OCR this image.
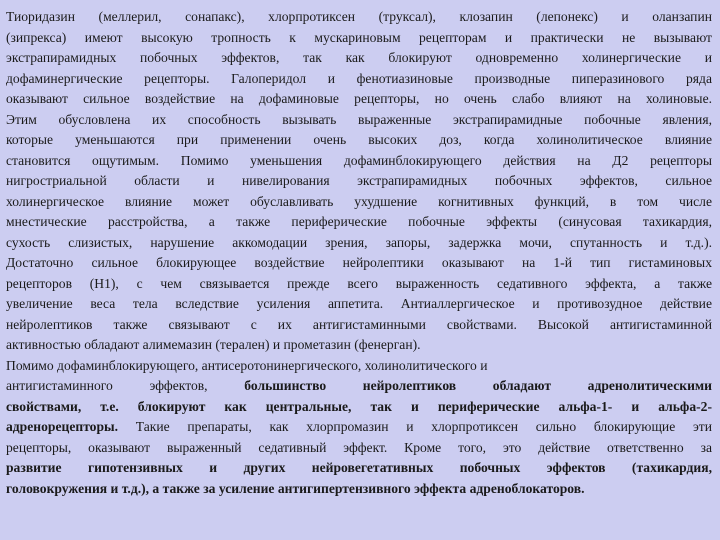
Тиоридазин (меллерил, сонапакс), хлорпротиксен (труксал), клозапин (лепонекс) и оланзапин
(зипрекса) имеют высокую тропность к мускариновым рецепторам и практически не вызывают
экстрапирамидных побочных эффектов, так как блокируют одновременно холинергические и
дофаминергические рецепторы. Галоперидол и фенотиазиновые производные пиперазинового ряда
оказывают сильное воздействие на дофаминовые рецепторы, но очень слабо влияют на холиновые.
Этим обусловлена их способность вызывать выраженные экстрапирамидные побочные явления,
которые уменьшаются при применении очень высоких доз, когда холинолитическое влияние
становится ощутимым. Помимо уменьшения дофаминблокирующего действия на Д2 рецепторы
нигростриальной области и нивелирования экстрапирамидных побочных эффектов, сильное
холинергическое влияние может обуславливать ухудшение когнитивных функций, в том числе
мнестические расстройства, а также периферические побочные эффекты (синусовая тахикардия,
сухость слизистых, нарушение аккомодации зрения, запоры, задержка мочи, спутанность и т.д.).
Достаточно сильное блокирующее воздействие нейролептики оказывают на 1-й тип гистаминовых
рецепторов (Н1), с чем связывается прежде всего выраженность седативного эффекта, а также
увеличение веса тела вследствие усиления аппетита. Антиаллергическое и противозудное действие
нейролептиков также связывают с их антигистаминными свойствами. Высокой антигистаминной
активностью обладают алимемазин (терален) и прометазин (фенерган).
Помимо дофаминблокирующего, антисеротонинергического, холинолитического и
антигистаминного эффектов, большинство нейролептиков обладают адренолитическими
свойствами, т.е. блокируют как центральные, так и периферические альфа-1- и альфа-2-
адренорецепторы. Такие препараты, как хлорпромазин и хлорпротиксен сильно блокирующие эти
рецепторы, оказывают выраженный седативный эффект. Кроме того, это действие ответственно за
развитие гипотензивных и других нейровегетативных побочных эффектов (тахикардия,
головокружения и т.д.), а также за усиление антигипертензивного эффекта адреноблокаторов.
